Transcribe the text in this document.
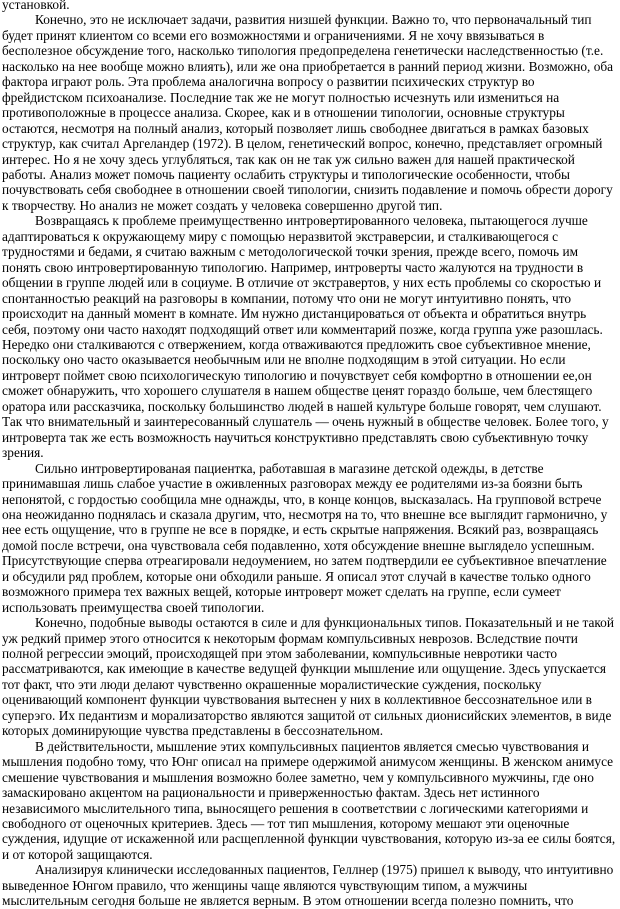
установкой.

Конечно, это не исключает задачи, развития низшей функции. Важно то, что первоначальный тип будет принят клиентом со всеми его возможностями и ограничениями. Я не хочу ввязываться в бесполезное обсуждение того, насколько типология предопределена генетически наследственностью (т.е. насколько на нее вообще можно влиять), или же она приобретается в ранний период жизни. Возможно, оба фактора играют роль. Эта проблема аналогична вопросу о развитии психических структур во фрейдистском психоанализе. Последние так же не могут полностью исчезнуть или измениться на противоположные в процессе анализа. Скорее, как и в отношении типологии, основные структуры остаются, несмотря на полный анализ, который позволяет лишь свободнее двигаться в рамках базовых структур, как считал Аргеландер (1972). В целом, генетический вопрос, конечно, представляет огромный интерес. Но я не хочу здесь углубляться, так как он не так уж сильно важен для нашей практической работы. Анализ может помочь пациенту ослабить структуры и типологические особенности, чтобы почувствовать себя свободнее в отношении своей типологии, снизить подавление и помочь обрести дорогу к творчеству. Но анализ не может создать у человека совершенно другой тип.

Возвращаясь к проблеме преимущественно интровертированного человека, пытающегося лучше адаптироваться к окружающему миру с помощью неразвитой экстраверсии, и сталкивающегося с трудностями и бедами, я считаю важным с методологической точки зрения, прежде всего, помочь им понять свою интровертированную типологию. Например, интроверты часто жалуются на трудности в общении в группе людей или в социуме. В отличие от экстравертов, у них есть проблемы со скоростью и спонтанностью реакций на разговоры в компании, потому что они не могут интуитивно понять, что происходит на данный момент в комнате. Им нужно дистанцироваться от объекта и обратиться внутрь себя, поэтому они часто находят подходящий ответ или комментарий позже, когда группа уже разошлась. Нередко они сталкиваются с отвержением, когда отваживаются предложить свое субъективное мнение, поскольку оно часто оказывается необычным или не вполне подходящим в этой ситуации. Но если интроверт поймет свою психологическую типологию и почувствует себя комфортно в отношении ее,он сможет обнаружить, что хорошего слушателя в нашем обществе ценят гораздо больше, чем блестящего оратора или рассказчика, поскольку большинство людей в нашей культуре больше говорят, чем слушают. Так что внимательный и заинтересованный слушатель — очень нужный в обществе человек. Более того, у интроверта так же есть возможность научиться конструктивно представлять свою субъективную точку зрения.

Сильно интровертированая пациентка, работавшая в магазине детской одежды, в детстве принимавшая лишь слабое участие в оживленных разговорах между ее родителями из-за боязни быть непонятой, с гордостью сообщила мне однажды, что, в конце концов, высказалась. На групповой встрече она неожиданно поднялась и сказала другим, что, несмотря на то, что внешне все выглядит гармонично, у нее есть ощущение, что в группе не все в порядке, и есть скрытые напряжения. Всякий раз, возвращаясь домой после встречи, она чувствовала себя подавленно, хотя обсуждение внешне выглядело успешным. Присутствующие сперва отреагировали недоумением, но затем подтвердили ее субъективное впечатление и обсудили ряд проблем, которые они обходили раньше. Я описал этот случай в качестве только одного возможного примера тех важных вещей, которые интроверт может сделать на группе, если сумеет использовать преимущества своей типологии.

Конечно, подобные выводы остаются в силе и для функциональных типов. Показательный и не такой уж редкий пример этого относится к некоторым формам компульсивных неврозов. Вследствие почти полной регрессии эмоций, происходящей при этом заболевании, компульсивные невротики часто рассматриваются, как имеющие в качестве ведущей функции мышление или ощущение. Здесь упускается тот факт, что эти люди делают чувственно окрашенные моралистические суждения, поскольку оценивающий компонент функции чувствования вытеснен у них в коллективное бессознательное или в суперэго. Их педантизм и морализаторство являются защитой от сильных дионисийских элементов, в виде которых доминирующие чувства представлены в бессознательном.

В действительности, мышление этих компульсивных пациентов является смесью чувствования и мышления подобно тому, что Юнг описал на примере одержимой анимусом женщины. В женском анимусе смешение чувствования и мышления возможно более заметно, чем у компульсивного мужчины, где оно замаскировано акцентом на рациональности и приверженностью фактам. Здесь нет истинного независимого мыслительного типа, выносящего решения в соответствии с логическими категориями и свободного от оценочных критериев. Здесь — тот тип мышления, которому мешают эти оценочные суждения, идущие от искаженной или расщепленной функции чувствования, которую из-за ее силы боятся, и от которой защищаются.

Анализируя клинически исследованных пациентов, Геллнер (1975) пришел к выводу, что интуитивно выведенное Юнгом правило, что женщины чаще являются чувствующим типом, а мужчины мыслительным сегодня больше не является верным. В этом отношении всегда полезно помнить, что
